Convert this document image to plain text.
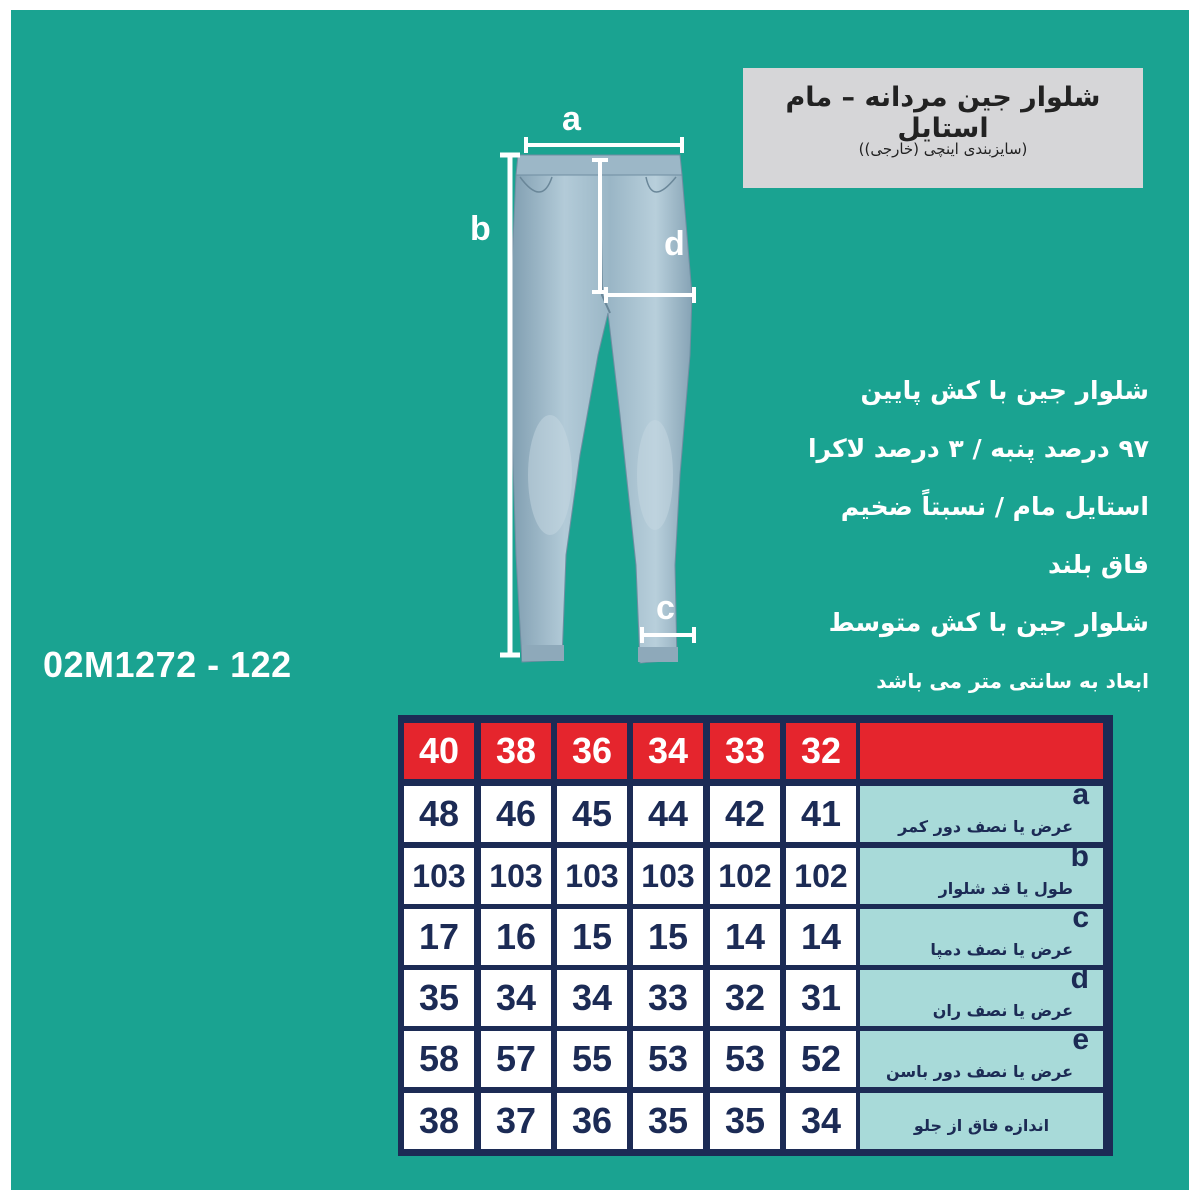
شلوار جین مردانه – مام استایل
(سایزبندی اینچی (خارجی))
a
b	d
c
شلوار جین با کش پایین
۹۷ درصد پنبه / ۳ درصد لاکرا
استایل مام / نسبتاً ضخیم
فاق بلند
شلوار جین با کش متوسط
ابعاد به سانتی متر می باشد
02M1272 - 122
40	38 36 34	33 32
a
عرض یا نصف دور کمر
48	46 45 44	42 41
b
طول یا قد شلوار
103 103 103 103 102 102
c
عرض یا نصف دمپا
17	16 15 15	14 14
d
عرض یا نصف ران
35	34 34 33	32 31
e
عرض یا نصف دور باسن
58	57 55 53	53 52
اندازه فاق از جلو
38	37 36 35	35 34
